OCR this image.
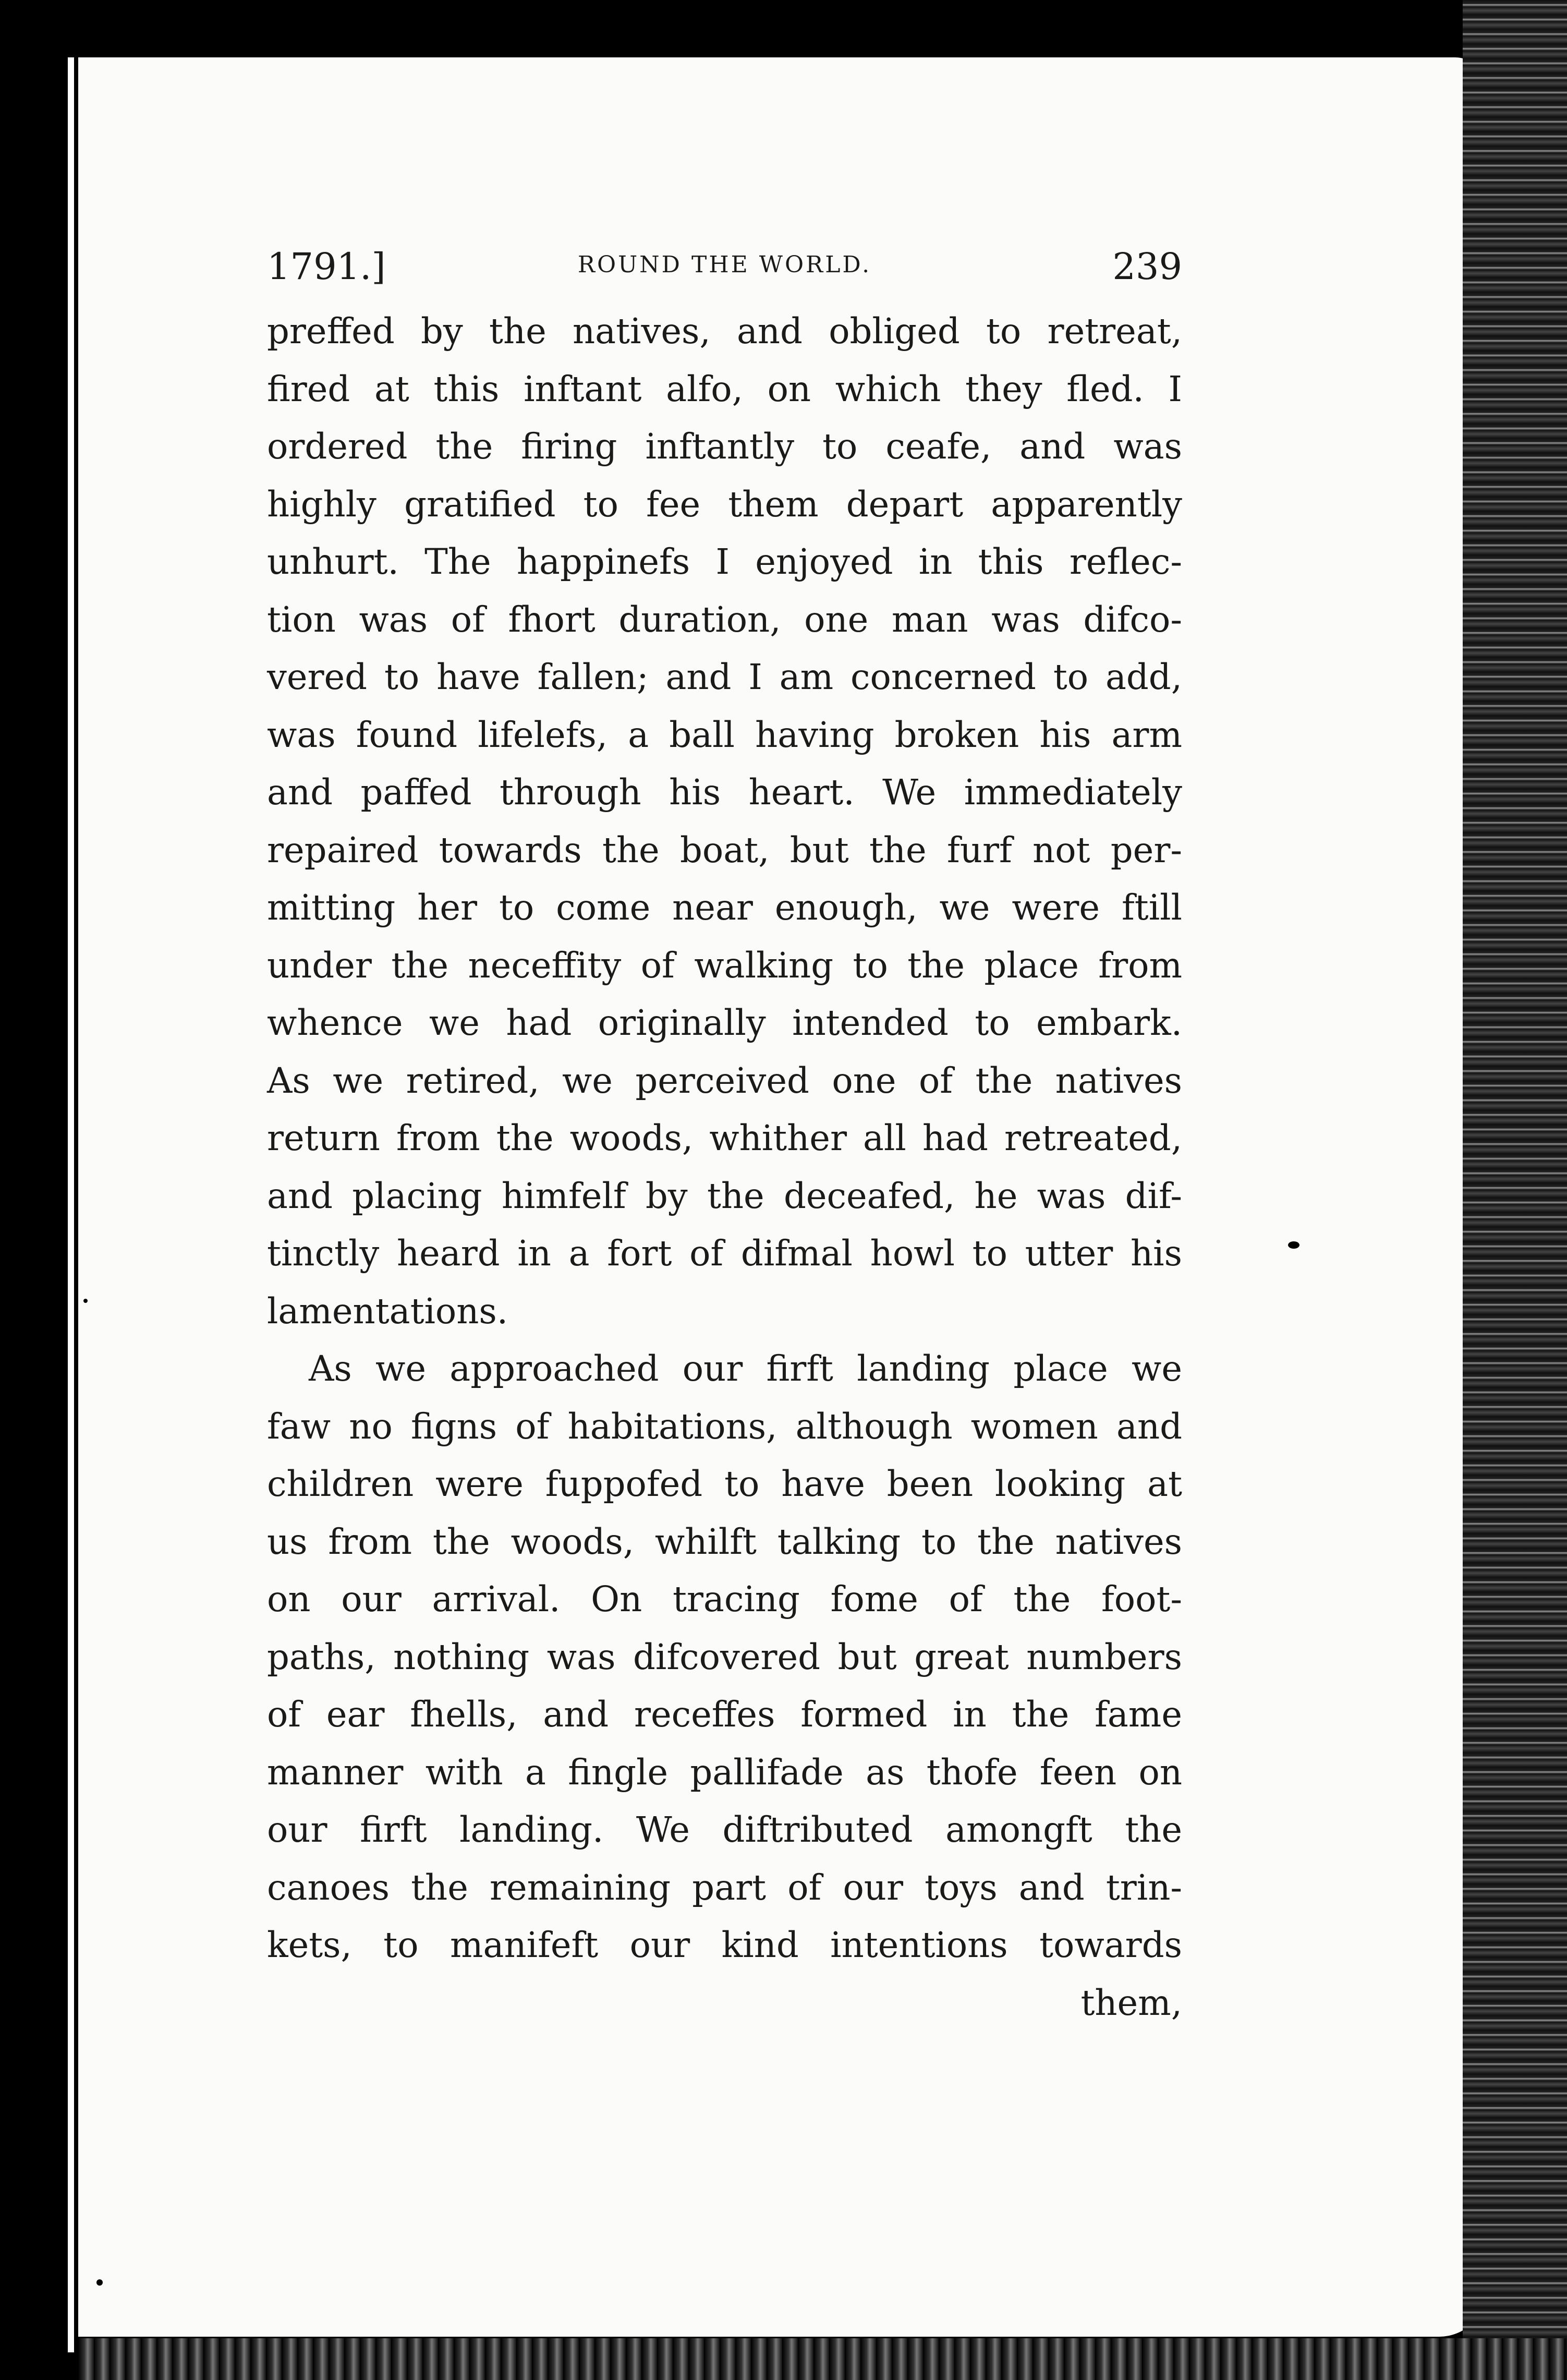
1791.]	ROUND THE WORLD.	239
preffed by the natives, and obliged to retreat,
fired at this inftant alfo, on which they fled. I
ordered the firing inftantly to ceafe, and was
highly gratified to fee them depart apparently
unhurt. The happinefs I enjoyed in this reflec-
tion was of fhort duration, one man was difco-
vered to have fallen; and I am concerned to add,
was found lifelefs, a ball having broken his arm
and paffed through his heart. We immediately
repaired towards the boat, but the furf not per-
mitting her to come near enough, we were ftill
under the neceffity of walking to the place from
whence we had originally intended to embark.
As we retired, we perceived one of the natives
return from the woods, whither all had retreated,
and placing himfelf by the deceafed, he was dif-
tinctly heard in a fort of difmal howl to utter his
lamentations.
As we approached our firft landing place we
faw no figns of habitations, although women and
children were fuppofed to have been looking at
us from the woods, whilft talking to the natives
on our arrival. On tracing fome of the foot-
paths, nothing was difcovered but great numbers
of ear fhells, and receffes formed in the fame
manner with a fingle pallifade as thofe feen on
our firft landing. We diftributed amongft the
canoes the remaining part of our toys and trin-
kets, to manifeft our kind intentions towards
them,
